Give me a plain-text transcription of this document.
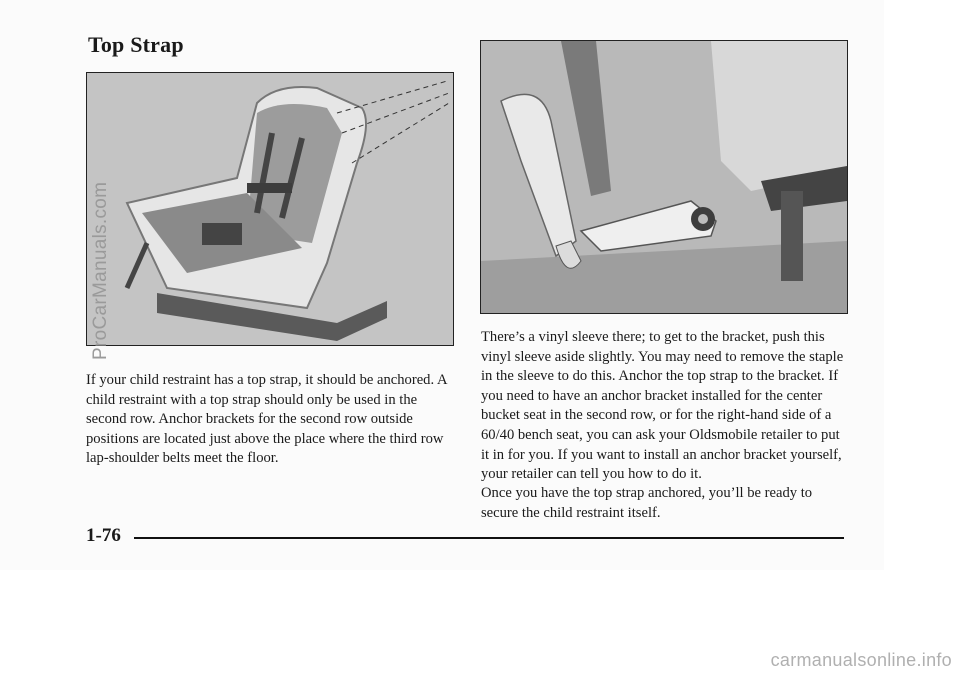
Top Strap

If your child restraint has a top strap, it should be anchored. A child restraint with a top strap should only be used in the second row. Anchor brackets for the second row outside positions are located just above the place where the third row lap-shoulder belts meet the floor.

There’s a vinyl sleeve there; to get to the bracket, push this vinyl sleeve aside slightly. You may need to remove the staple in the sleeve to do this. Anchor the top strap to the bracket. If you need to have an anchor bracket installed for the center bucket seat in the second row, or for the right-hand side of a 60/40 bench seat, you can ask your Oldsmobile retailer to put it in for you. If you want to install an anchor bracket yourself, your retailer can tell you how to do it.

Once you have the top strap anchored, you’ll be ready to secure the child restraint itself.

1-76
ProCarManuals.com
carmanualsonline.info
